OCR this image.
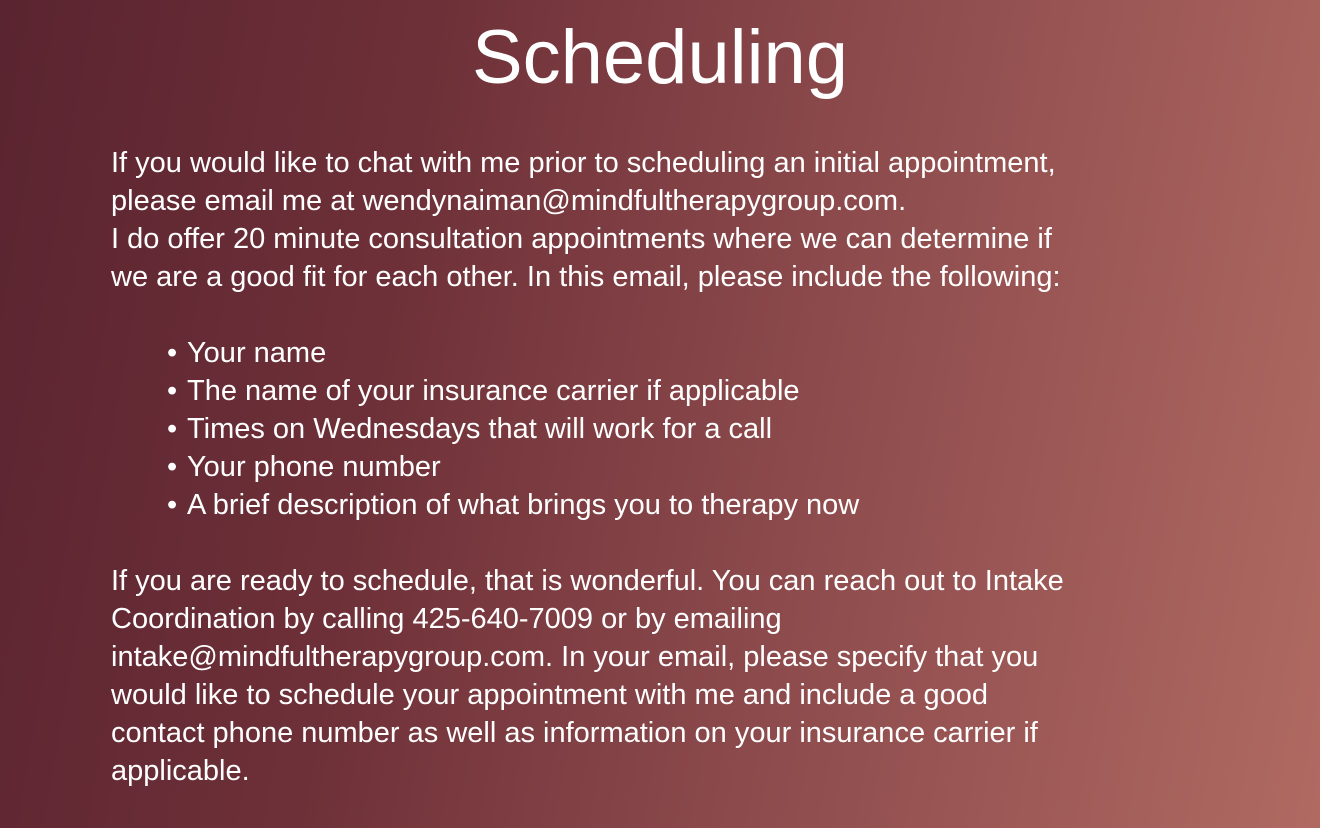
Scheduling

If you would like to chat with me prior to scheduling an initial appointment,
please email me at wendynaiman@mindfultherapygroup.com.
I do offer 20 minute consultation appointments where we can determine if
we are a good fit for each other. In this email, please include the following:

• Your name
• The name of your insurance carrier if applicable
• Times on Wednesdays that will work for a call
• Your phone number
• A brief description of what brings you to therapy now

If you are ready to schedule, that is wonderful. You can reach out to Intake
Coordination by calling 425-640-7009 or by emailing
intake@mindfultherapygroup.com. In your email, please specify that you
would like to schedule your appointment with me and include a good
contact phone number as well as information on your insurance carrier if
applicable.
